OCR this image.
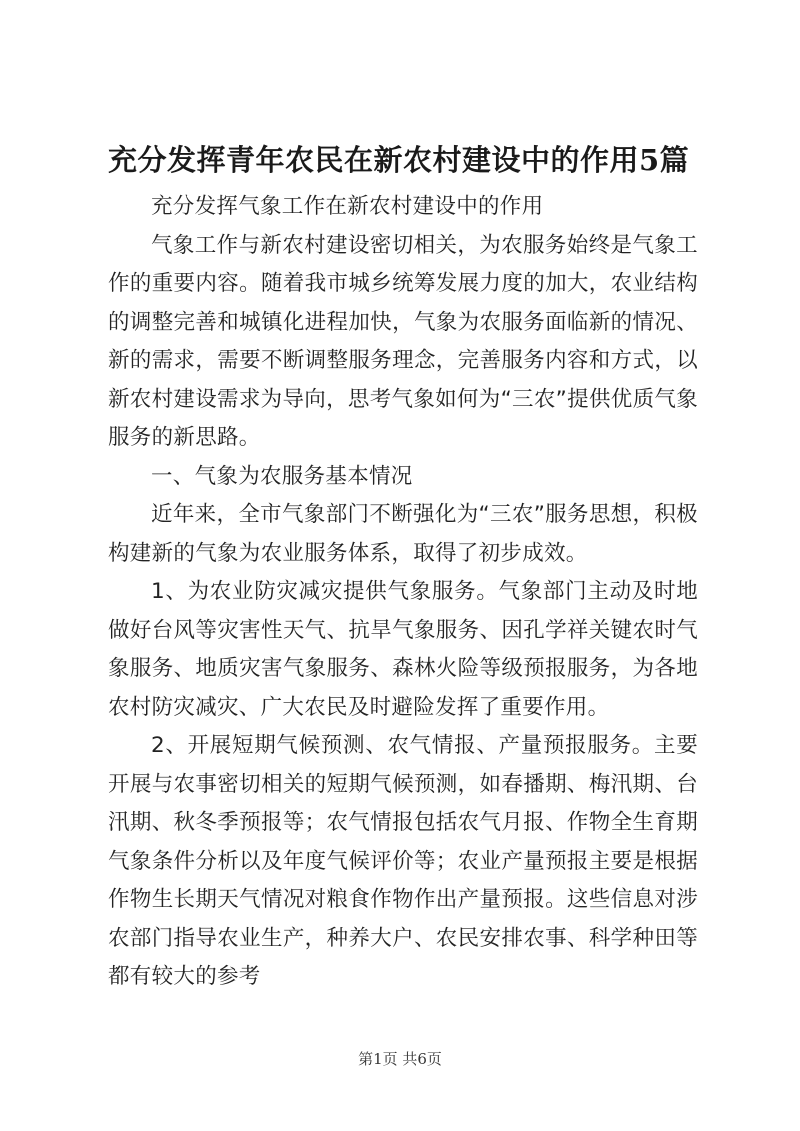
充分发挥青年农民在新农村建设中的作用5篇

充分发挥气象工作在新农村建设中的作用

气象工作与新农村建设密切相关，为农服务始终是气象工作的重要内容。随着我市城乡统筹发展力度的加大，农业结构的调整完善和城镇化进程加快，气象为农服务面临新的情况、新的需求，需要不断调整服务理念，完善服务内容和方式，以新农村建设需求为导向，思考气象如何为“三农”提供优质气象服务的新思路。

一、气象为农服务基本情况

近年来，全市气象部门不断强化为“三农”服务思想，积极构建新的气象为农业服务体系，取得了初步成效。

1、为农业防灾减灾提供气象服务。气象部门主动及时地做好台风等灾害性天气、抗旱气象服务、因孔学祥关键农时气象服务、地质灾害气象服务、森林火险等级预报服务，为各地农村防灾减灾、广大农民及时避险发挥了重要作用。

2、开展短期气候预测、农气情报、产量预报服务。主要开展与农事密切相关的短期气候预测，如春播期、梅汛期、台汛期、秋冬季预报等；农气情报包括农气月报、作物全生育期气象条件分析以及年度气候评价等；农业产量预报主要是根据作物生长期天气情况对粮食作物作出产量预报。这些信息对涉农部门指导农业生产，种养大户、农民安排农事、科学种田等都有较大的参考

第1页 共6页
